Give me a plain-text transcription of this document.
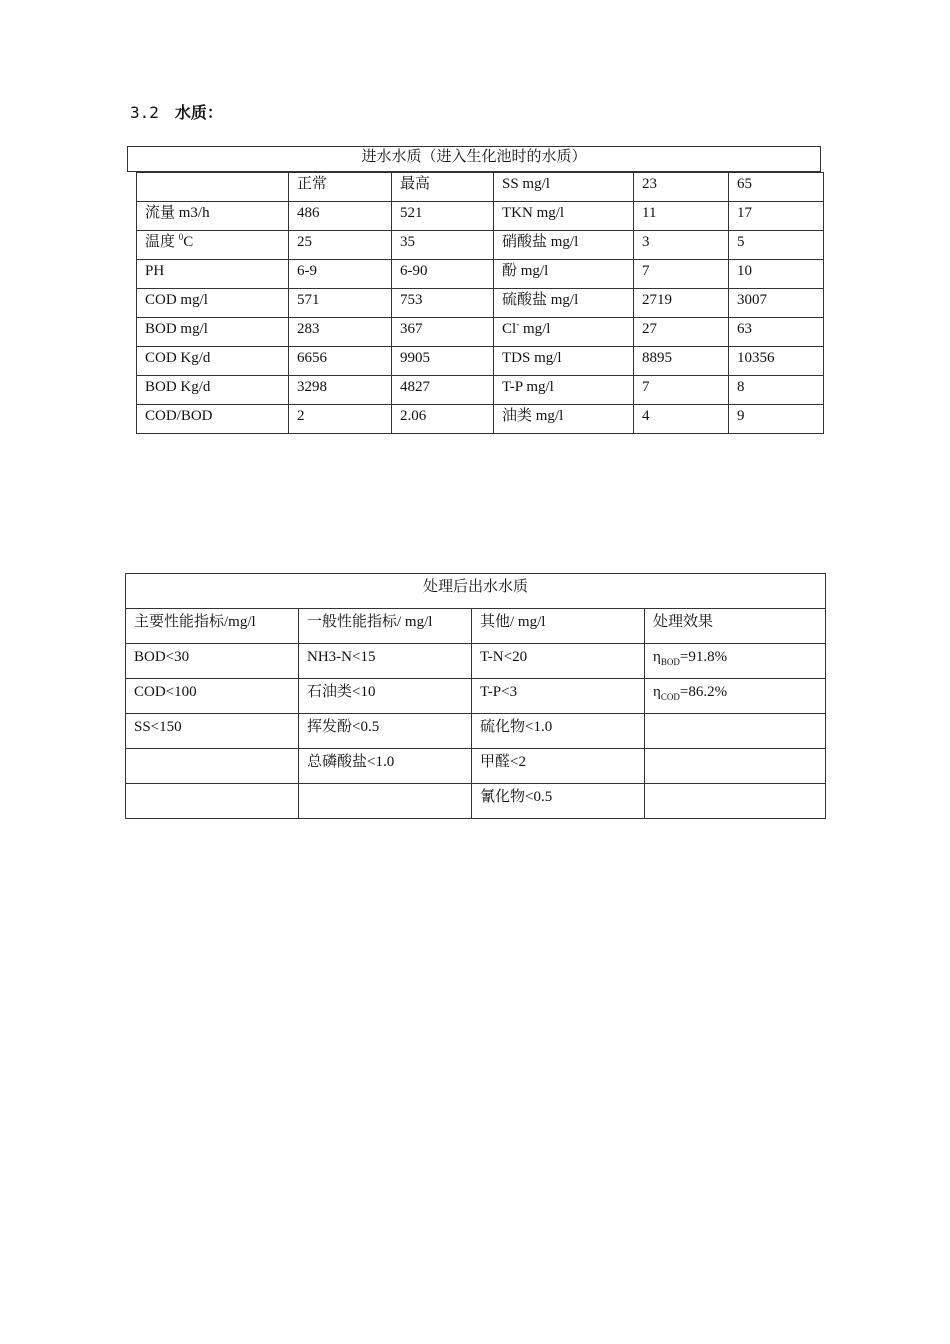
3.2 水质：
进水水质（进入生化池时的水质）
	正常	最高	SS mg/l	23	65
流量 m3/h	486	521	TKN mg/l	11	17
温度 $^0$C	25	35	硝酸盐 mg/l	3	5
PH	6-9	6-90	酚 mg/l	7	10
COD mg/l	571	753	硫酸盐 mg/l	2719	3007
BOD mg/l	283	367	Cl- mg/l	27	63
COD Kg/d	6656	9905	TDS mg/l	8895	10356
BOD Kg/d	3298	4827	T-P mg/l	7	8
COD/BOD	2	2.06	油类 mg/l	4	9
处理后出水水质			
主要性能指标/mg/l	一般性能指标/ mg/l	其他/ mg/l	处理效果
BOD<30	NH3-N<15	T-N<20	$\eta_{BOD}=91.8\%$
COD<100	石油类<10	T-P<3	$\eta_{COD}=86.2\%$
SS<150	挥发酚<0.5	硫化物<1.0	
	总磷酸盐<1.0	甲醛<2	
		氰化物<0.5	
